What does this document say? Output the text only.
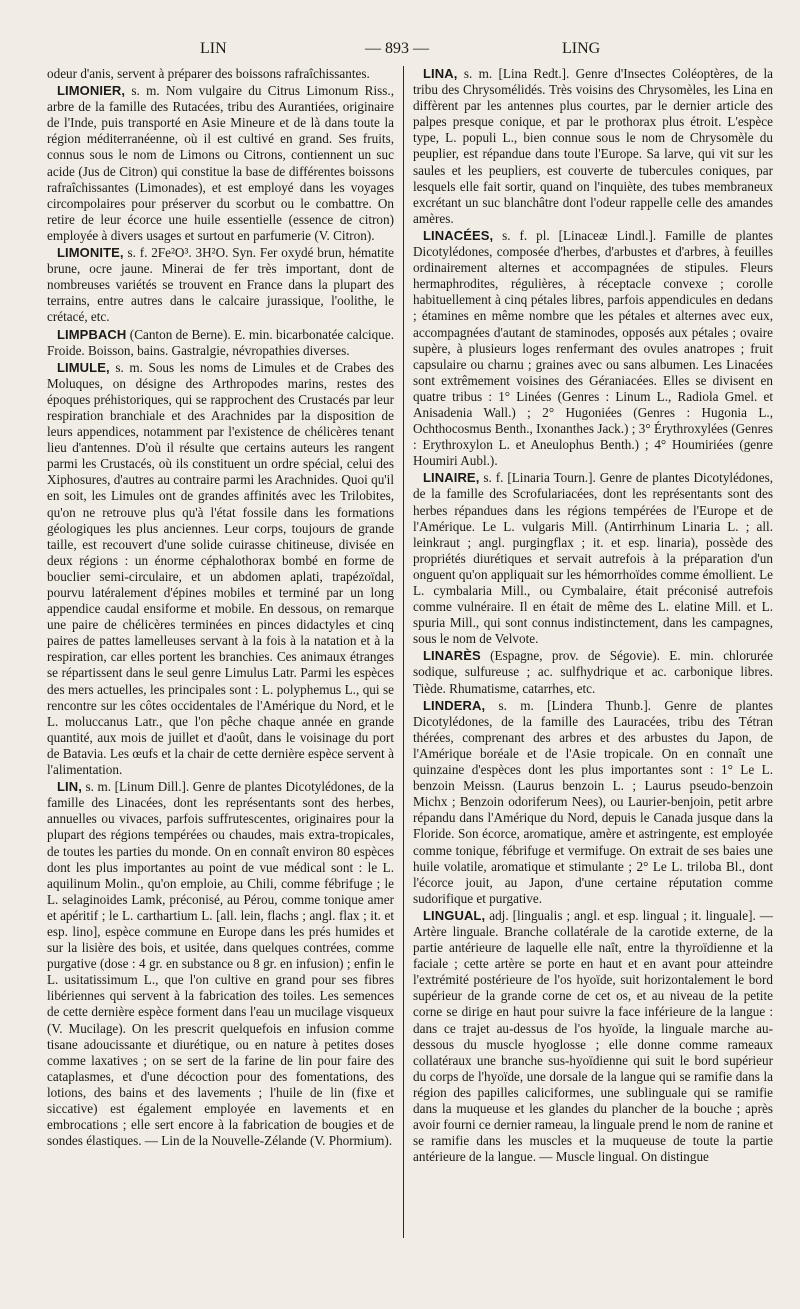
LIN	— 893 —	LING

odeur d'anis, servent à préparer des boissons rafraîchissantes.

LIMONIER, s. m. Nom vulgaire du Citrus Limonum Riss., arbre de la famille des Rutacées, tribu des Aurantiées, originaire de l'Inde, puis transporté en Asie Mineure et de là dans toute la région méditerranéenne, où il est cultivé en grand. Ses fruits, connus sous le nom de Limons ou Citrons, contiennent un suc acide (Jus de Citron) qui constitue la base de différentes boissons rafraîchissantes (Limonades), et est employé dans les voyages circompolaires pour préserver du scorbut ou le combattre. On retire de leur écorce une huile essentielle (essence de citron) employée à divers usages et surtout en parfumerie (V. Citron).

LIMONITE, s. f. 2Fe²O³. 3H²O. Syn. Fer oxydé brun, hématite brune, ocre jaune. Minerai de fer très important, dont de nombreuses variétés se trouvent en France dans la plupart des terrains, entre autres dans le calcaire jurassique, l'oolithe, le crétacé, etc.

LIMPBACH (Canton de Berne). E. min. bicarbonatée calcique. Froide. Boisson, bains. Gastralgie, névropathies diverses.

LIMULE, s. m. Sous les noms de Limules et de Crabes des Moluques, on désigne des Arthropodes marins, restes des époques préhistoriques, qui se rapprochent des Crustacés par leur respiration branchiale et des Arachnides par la disposition de leurs appendices, notamment par l'existence de chélicères tenant lieu d'antennes. D'où il résulte que certains auteurs les rangent parmi les Crustacés, où ils constituent un ordre spécial, celui des Xiphosures, d'autres au contraire parmi les Arachnides. Quoi qu'il en soit, les Limules ont de grandes affinités avec les Trilobites, qu'on ne retrouve plus qu'à l'état fossile dans les formations géologiques les plus anciennes. Leur corps, toujours de grande taille, est recouvert d'une solide cuirasse chitineuse, divisée en deux régions : un énorme céphalothorax bombé en forme de bouclier semi-circulaire, et un abdomen aplati, trapézoïdal, pourvu latéralement d'épines mobiles et terminé par un long appendice caudal ensiforme et mobile. En dessous, on remarque une paire de chélicères terminées en pinces didactyles et cinq paires de pattes lamelleuses servant à la fois à la natation et à la respiration, car elles portent les branchies. Ces animaux étranges se répartissent dans le seul genre Limulus Latr. Parmi les espèces des mers actuelles, les principales sont : L. polyphemus L., qui se rencontre sur les côtes occidentales de l'Amérique du Nord, et le L. moluccanus Latr., que l'on pêche chaque année en grande quantité, aux mois de juillet et d'août, dans le voisinage du port de Batavia. Les œufs et la chair de cette dernière espèce servent à l'alimentation.

LIN, s. m. [Linum Dill.]. Genre de plantes Dicotylédones, de la famille des Linacées, dont les représentants sont des herbes, annuelles ou vivaces, parfois suffrutescentes, originaires pour la plupart des régions tempérées ou chaudes, mais extra-tropicales, de toutes les parties du monde. On en connaît environ 80 espèces dont les plus importantes au point de vue médical sont : le L. aquilinum Molin., qu'on emploie, au Chili, comme fébrifuge ; le L. selaginoides Lamk, préconisé, au Pérou, comme tonique amer et apéritif ; le L. carthartium L. [all. lein, flachs ; angl. flax ; it. et esp. lino], espèce commune en Europe dans les prés humides et sur la lisière des bois, et usitée, dans quelques contrées, comme purgative (dose : 4 gr. en substance ou 8 gr. en infusion) ; enfin le L. usitatissimum L., que l'on cultive en grand pour ses fibres libériennes qui servent à la fabrication des toiles. Les semences de cette dernière espèce forment dans l'eau un mucilage visqueux (V. Mucilage). On les prescrit quelquefois en infusion comme tisane adoucissante et diurétique, ou en nature à petites doses comme laxatives ; on se sert de la farine de lin pour faire des cataplasmes, et d'une décoction pour des fomentations, des lotions, des bains et des lavements ; l'huile de lin (fixe et siccative) est également employée en lavements et en embrocations ; elle sert encore à la fabrication de bougies et de sondes élastiques. — Lin de la Nouvelle-Zélande (V. Phormium).

LINA, s. m. [Lina Redt.]. Genre d'Insectes Coléoptères, de la tribu des Chrysomélidés. Très voisins des Chrysomèles, les Lina en diffèrent par les antennes plus courtes, par le dernier article des palpes presque conique, et par le prothorax plus étroit. L'espèce type, L. populi L., bien connue sous le nom de Chrysomèle du peuplier, est répandue dans toute l'Europe. Sa larve, qui vit sur les saules et les peupliers, est couverte de tubercules coniques, par lesquels elle fait sortir, quand on l'inquiète, des tubes membraneux excrétant un suc blanchâtre dont l'odeur rappelle celle des amandes amères.

LINACÉES, s. f. pl. [Linaceæ Lindl.]. Famille de plantes Dicotylédones, composée d'herbes, d'arbustes et d'arbres, à feuilles ordinairement alternes et accompagnées de stipules. Fleurs hermaphrodites, régulières, à réceptacle convexe ; corolle habituellement à cinq pétales libres, parfois appendicules en dedans ; étamines en même nombre que les pétales et alternes avec eux, accompagnées d'autant de staminodes, opposés aux pétales ; ovaire supère, à plusieurs loges renfermant des ovules anatropes ; fruit capsulaire ou charnu ; graines avec ou sans albumen. Les Linacées sont extrêmement voisines des Géraniacées. Elles se divisent en quatre tribus : 1° Linées (Genres : Linum L., Radiola Gmel. et Anisadenia Wall.) ; 2° Hugoniées (Genres : Hugonia L., Ochthocosmus Benth., Ixonanthes Jack.) ; 3° Érythroxylées (Genres : Erythroxylon L. et Aneulophus Benth.) ; 4° Houmiriées (genre Houmiri Aubl.).

LINAIRE, s. f. [Linaria Tourn.]. Genre de plantes Dicotylédones, de la famille des Scrofulariacées, dont les représentants sont des herbes répandues dans les régions tempérées de l'Europe et de l'Amérique. Le L. vulgaris Mill. (Antirrhinum Linaria L. ; all. leinkraut ; angl. purgingflax ; it. et esp. linaria), possède des propriétés diurétiques et servait autrefois à la préparation d'un onguent qu'on appliquait sur les hémorrhoïdes comme émollient. Le L. cymbalaria Mill., ou Cymbalaire, était préconisé autrefois comme vulnéraire. Il en était de même des L. elatine Mill. et L. spuria Mill., qui sont connus indistinctement, dans les campagnes, sous le nom de Velvote.

LINARÈS (Espagne, prov. de Ségovie). E. min. chlorurée sodique, sulfureuse ; ac. sulfhydrique et ac. carbonique libres. Tiède. Rhumatisme, catarrhes, etc.

LINDERA, s. m. [Lindera Thunb.]. Genre de plantes Dicotylédones, de la famille des Lauracées, tribu des Tétran thérées, comprenant des arbres et des arbustes du Japon, de l'Amérique boréale et de l'Asie tropicale. On en connaît une quinzaine d'espèces dont les plus importantes sont : 1° Le L. benzoin Meissn. (Laurus benzoin L. ; Laurus pseudo-benzoin Michx ; Benzoin odoriferum Nees), ou Laurier-benjoin, petit arbre répandu dans l'Amérique du Nord, depuis le Canada jusque dans la Floride. Son écorce, aromatique, amère et astringente, est employée comme tonique, fébrifuge et vermifuge. On extrait de ses baies une huile volatile, aromatique et stimulante ; 2° Le L. triloba Bl., dont l'écorce jouit, au Japon, d'une certaine réputation comme sudorifique et purgative.

LINGUAL, adj. [lingualis ; angl. et esp. lingual ; it. linguale]. — Artère linguale. Branche collatérale de la carotide externe, de la partie antérieure de laquelle elle naît, entre la thyroïdienne et la faciale ; cette artère se porte en haut et en avant pour atteindre l'extrémité postérieure de l'os hyoïde, suit horizontalement le bord supérieur de la grande corne de cet os, et au niveau de la petite corne se dirige en haut pour suivre la face inférieure de la langue : dans ce trajet au-dessus de l'os hyoïde, la linguale marche au-dessous du muscle hyoglosse ; elle donne comme rameaux collatéraux une branche sus-hyoïdienne qui suit le bord supérieur du corps de l'hyoïde, une dorsale de la langue qui se ramifie dans la région des papilles caliciformes, une sublinguale qui se ramifie dans la muqueuse et les glandes du plancher de la bouche ; après avoir fourni ce dernier rameau, la linguale prend le nom de ranine et se ramifie dans les muscles et la muqueuse de toute la partie antérieure de la langue. — Muscle lingual. On distingue
